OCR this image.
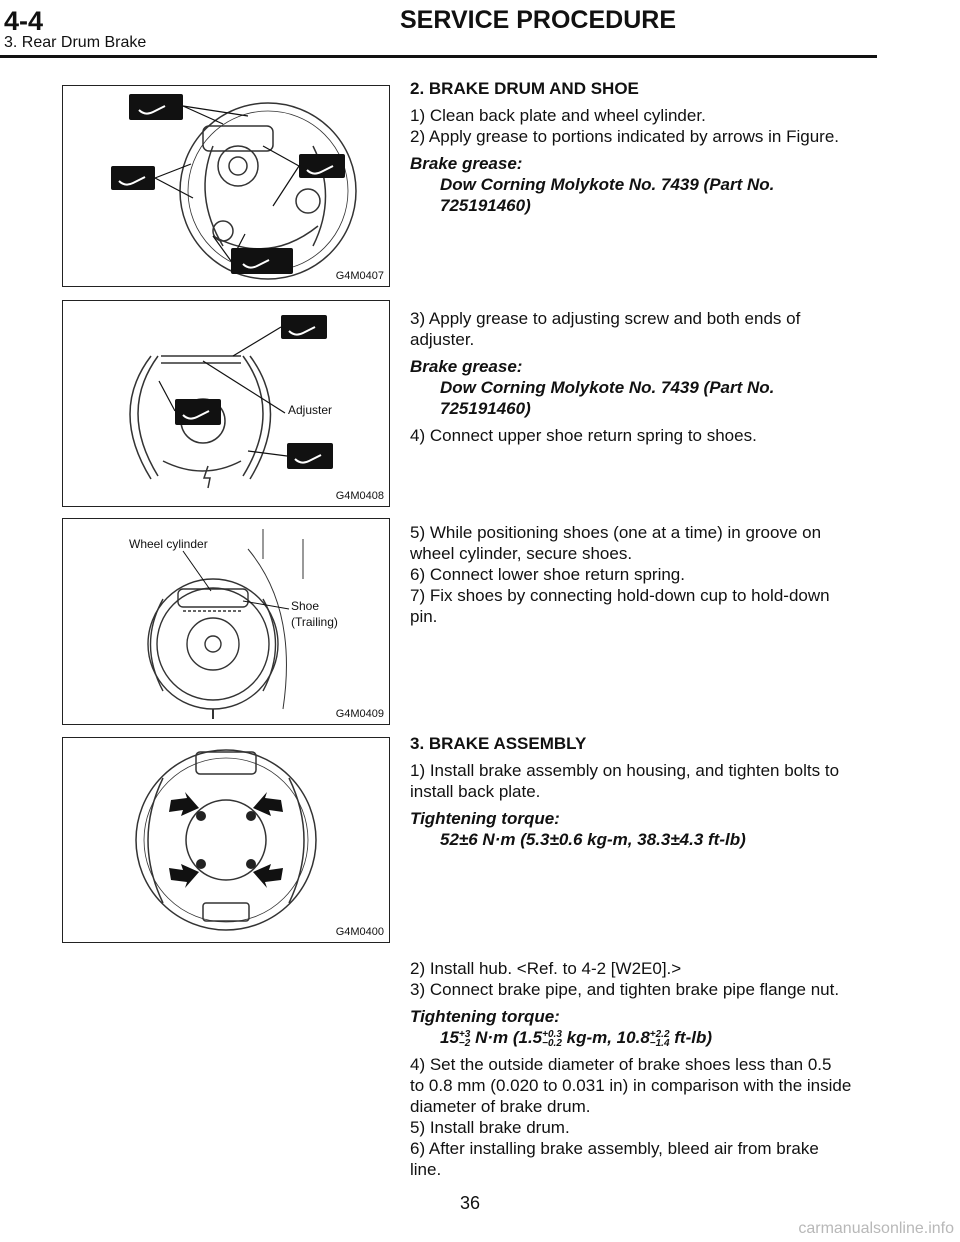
4-4	SERVICE PROCEDURE
3. Rear Drum Brake
G4M0407
2. BRAKE DRUM AND SHOE
1) Clean back plate and wheel cylinder.
2) Apply grease to portions indicated by arrows in Figure.
Brake grease:
Dow Corning Molykote No. 7439 (Part No.
725191460)
Adjuster
G4M0408
3) Apply grease to adjusting screw and both ends of
adjuster.
Brake grease:
Dow Corning Molykote No. 7439 (Part No.
725191460)
4) Connect upper shoe return spring to shoes.
Wheel cylinder
Shoe
(Trailing)
G4M0409
5) While positioning shoes (one at a time) in groove on
wheel cylinder, secure shoes.
6) Connect lower shoe return spring.
7) Fix shoes by connecting hold-down cup to hold-down
pin.
G4M0400
3. BRAKE ASSEMBLY
1) Install brake assembly on housing, and tighten bolts to
install back plate.
Tightening torque:
52±6 N·m (5.3±0.6 kg-m, 38.3±4.3 ft-lb)
2) Install hub. <Ref. to 4-2 [W2E0].>
3) Connect brake pipe, and tighten brake pipe flange nut.
Tightening torque:
15 +3
−2 N·m (1.5 +0.3
−0.2 kg-m, 10.8 +2.2
−1.4 ft-lb)
4) Set the outside diameter of brake shoes less than 0.5
to 0.8 mm (0.020 to 0.031 in) in comparison with the inside
diameter of brake drum.
5) Install brake drum.
6) After installing brake assembly, bleed air from brake
line.
36
carmanualsonline.info
